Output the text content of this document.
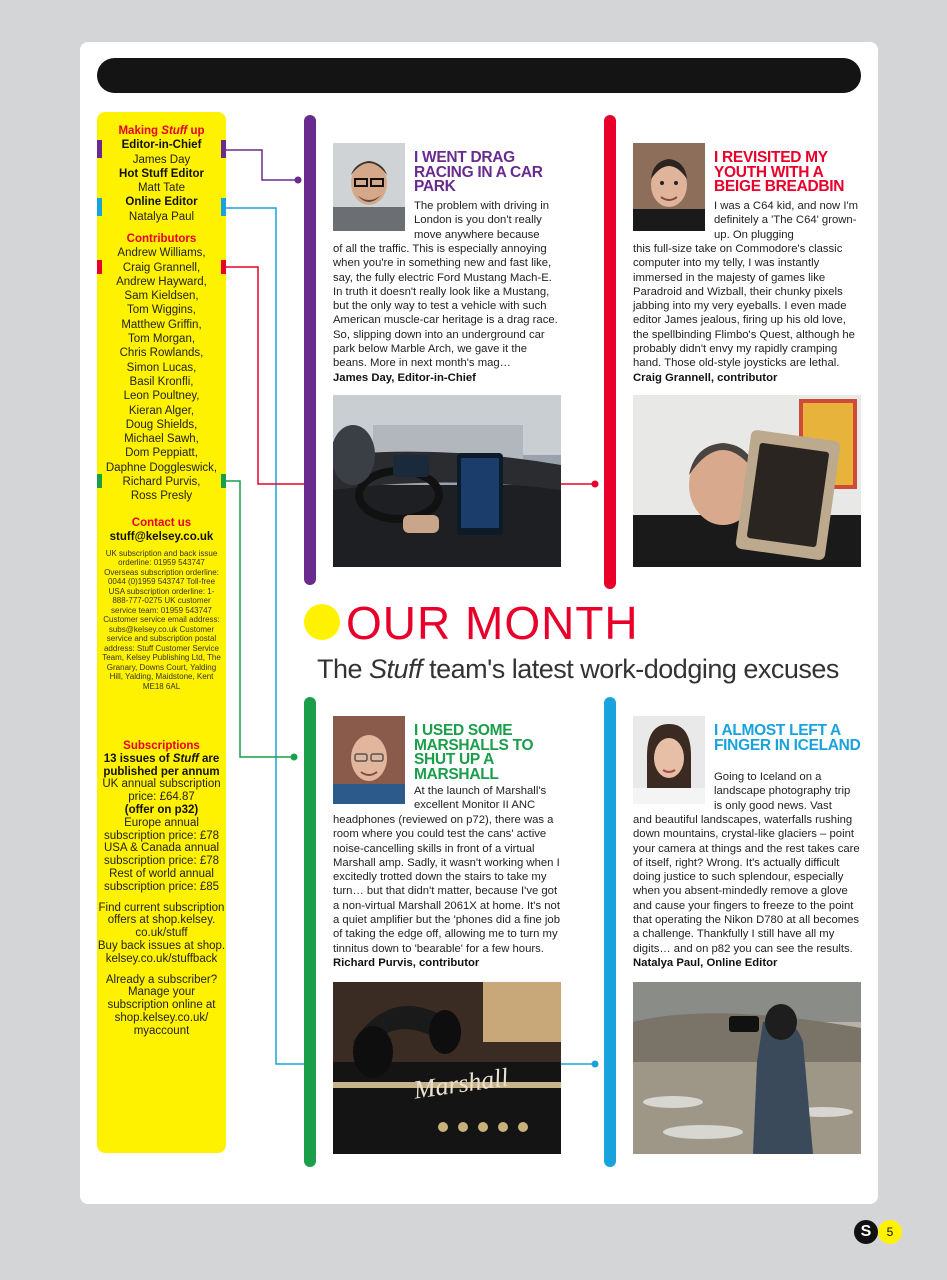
Making Stuff up
Editor-in-Chief
James Day
Hot Stuff Editor
Matt Tate
Online Editor
Natalya Paul
Contributors
Andrew Williams,
Craig Grannell,
Andrew Hayward,
Sam Kieldsen,
Tom Wiggins,
Matthew Griffin,
Tom Morgan,
Chris Rowlands,
Simon Lucas,
Basil Kronfli,
Leon Poultney,
Kieran Alger,
Doug Shields,
Michael Sawh,
Dom Peppiatt,
Daphne Doggleswick,
Richard Purvis,
Ross Presly
Contact us
stuff@kelsey.co.uk
UK subscription and back issue orderline: 01959 543747 Overseas subscription orderline: 0044 (0)1959 543747 Toll-free USA subscription orderline: 1-888-777-0275 UK customer service team: 01959 543747 Customer service email address: subs@kelsey.co.uk Customer service and subscription postal address: Stuff Customer Service Team, Kelsey Publishing Ltd, The Granary, Downs Court, Yalding Hill, Yalding, Maidstone, Kent ME18 6AL
Subscriptions
13 issues of Stuff are published per annum
UK annual subscription price: £64.87
(offer on p32)
Europe annual subscription price: £78
USA & Canada annual subscription price: £78
Rest of world annual subscription price: £85
Find current subscription offers at shop.kelsey. co.uk/stuff
Buy back issues at shop. kelsey.co.uk/stuffback
Already a subscriber? Manage your subscription online at shop.kelsey.co.uk/ myaccount
I WENT DRAG RACING IN A CAR PARK
The problem with driving in London is you don't really move anywhere because
of all the traffic. This is especially annoying when you're in something new and fast like, say, the fully electric Ford Mustang Mach-E. In truth it doesn't really look like a Mustang, but the only way to test a vehicle with such American muscle-car heritage is a drag race. So, slipping down into an underground car park below Marble Arch, we gave it the beans. More in next month's mag…
James Day, Editor-in-Chief
I REVISITED MY YOUTH WITH A BEIGE BREADBIN
I was a C64 kid, and now I'm definitely a 'The C64' grown-up. On plugging
this full-size take on Commodore's classic computer into my telly, I was instantly immersed in the majesty of games like Paradroid and Wizball, their chunky pixels jabbing into my very eyeballs. I even made editor James jealous, firing up his old love, the spellbinding Flimbo's Quest, although he probably didn't envy my rapidly cramping hand. Those old-style joysticks are lethal.
Craig Grannell, contributor
OUR MONTH
The Stuff team's latest work-dodging excuses
I USED SOME MARSHALLS TO SHUT UP A MARSHALL
At the launch of Marshall's excellent Monitor II ANC
headphones (reviewed on p72), there was a room where you could test the cans' active noise-cancelling skills in front of a virtual Marshall amp. Sadly, it wasn't working when I excitedly trotted down the stairs to take my turn… but that didn't matter, because I've got a non-virtual Marshall 2061X at home. It's not a quiet amplifier but the 'phones did a fine job of taking the edge off, allowing me to turn my tinnitus down to 'bearable' for a few hours.
Richard Purvis, contributor
Marshall
I ALMOST LEFT A FINGER IN ICELAND
Going to Iceland on a landscape photography trip is only good news. Vast
and beautiful landscapes, waterfalls rushing down mountains, crystal-like glaciers – point your camera at things and the rest takes care of itself, right? Wrong. It's actually difficult doing justice to such splendour, especially when you absent-mindedly remove a glove and cause your fingers to freeze to the point that operating the Nikon D780 at all becomes a challenge. Thankfully I still have all my digits… and on p82 you can see the results.
Natalya Paul, Online Editor
S	5
